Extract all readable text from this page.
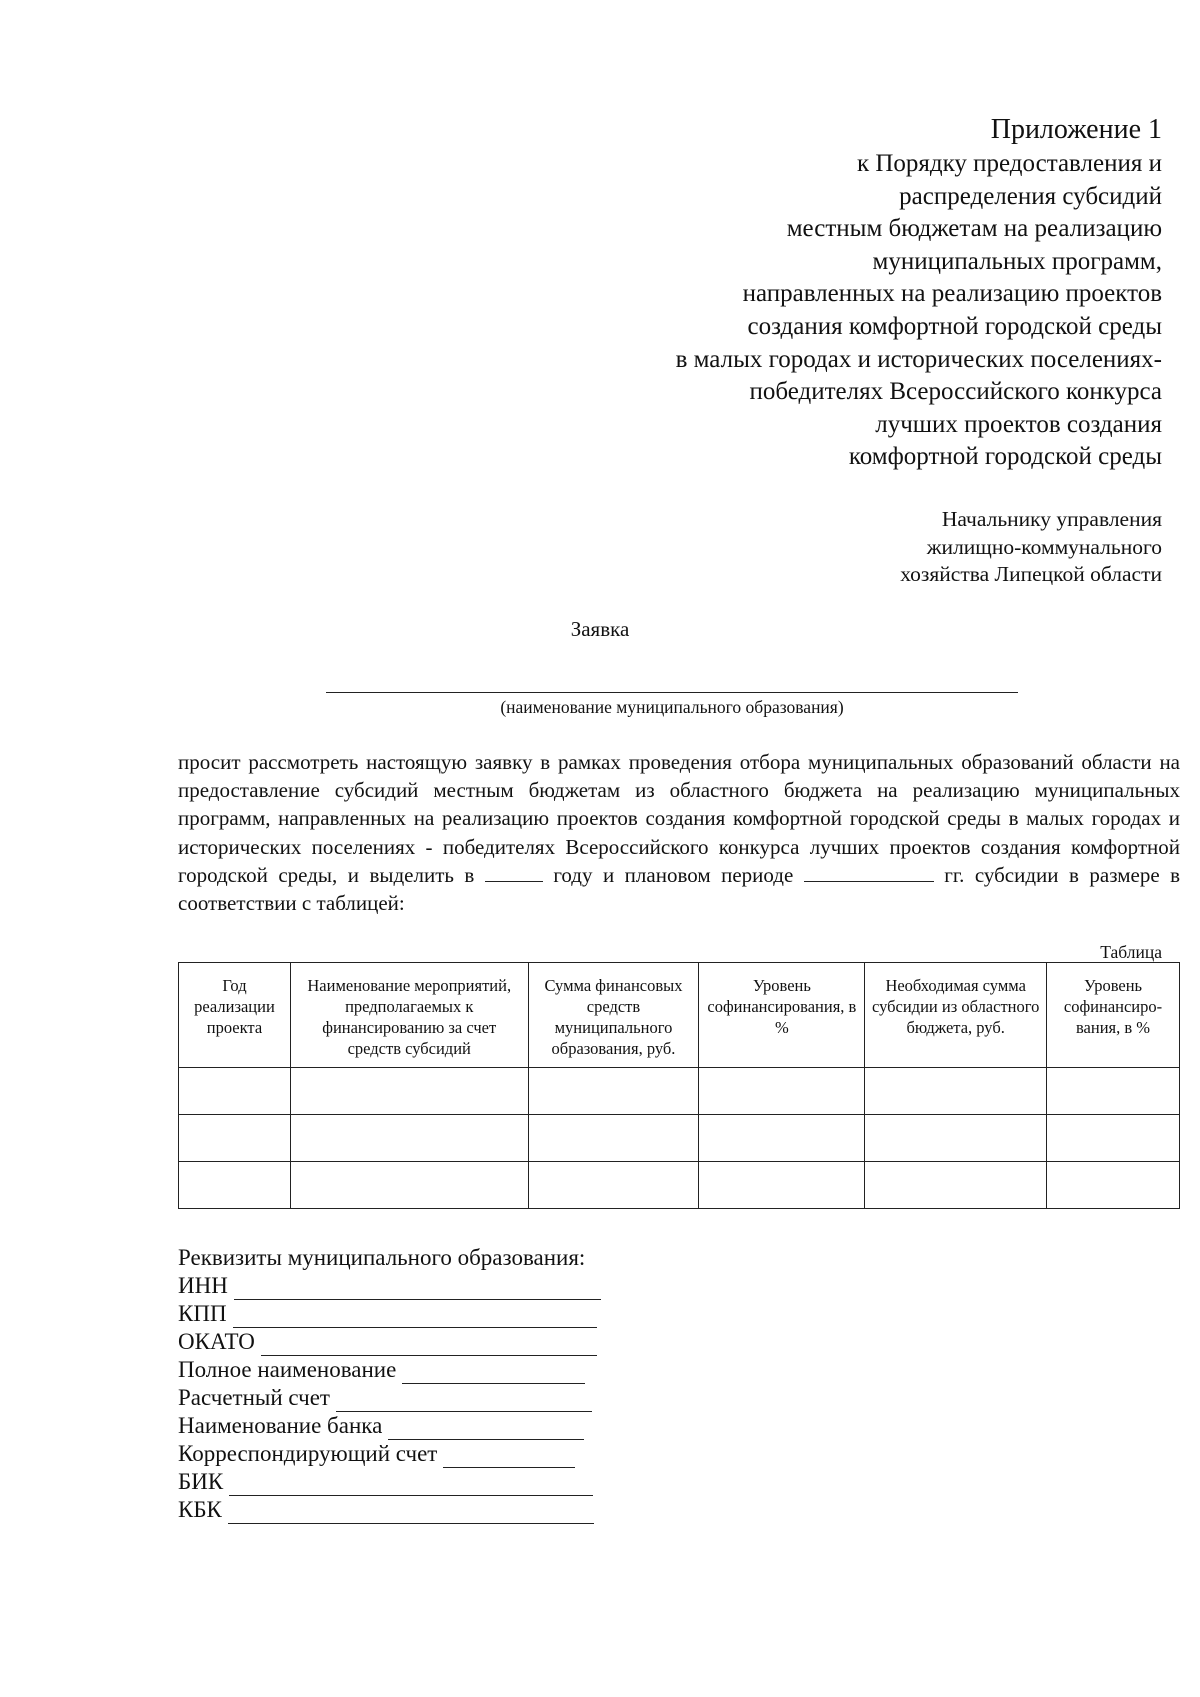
Приложение 1
к Порядку предоставления и
распределения субсидий
местным бюджетам на реализацию
муниципальных программ,
направленных на реализацию проектов
создания комфортной городской среды
в малых городах и исторических поселениях-
победителях Всероссийского конкурса
лучших проектов создания
комфортной городской среды
Начальнику управления
жилищно-коммунального
хозяйства Липецкой области
Заявка
(наименование муниципального образования)

просит рассмотреть настоящую заявку в рамках проведения отбора муниципальных образований области на предоставление субсидий местным бюджетам из областного бюджета на реализацию муниципальных программ, направленных на реализацию проектов создания комфортной городской среды в малых городах и исторических поселениях - победителях Всероссийского конкурса лучших проектов создания комфортной городской среды, и выделить в	году и плановом периоде	гг. субсидии в размере в соответствии с таблицей:

Таблица
Год реализации проекта	Наименование мероприятий, предполагаемых к финансированию за счет средств субсидий	Сумма финансовых средств муниципального образования, руб.	Уровень софинансирования, в %	Необходимая сумма субсидии из областного бюджета, руб.	Уровень софинансиро-вания, в %

Реквизиты муниципального образования:
ИНН
КПП
ОКАТО
Полное наименование
Расчетный счет
Наименование банка
Корреспондирующий счет
БИК
КБК
